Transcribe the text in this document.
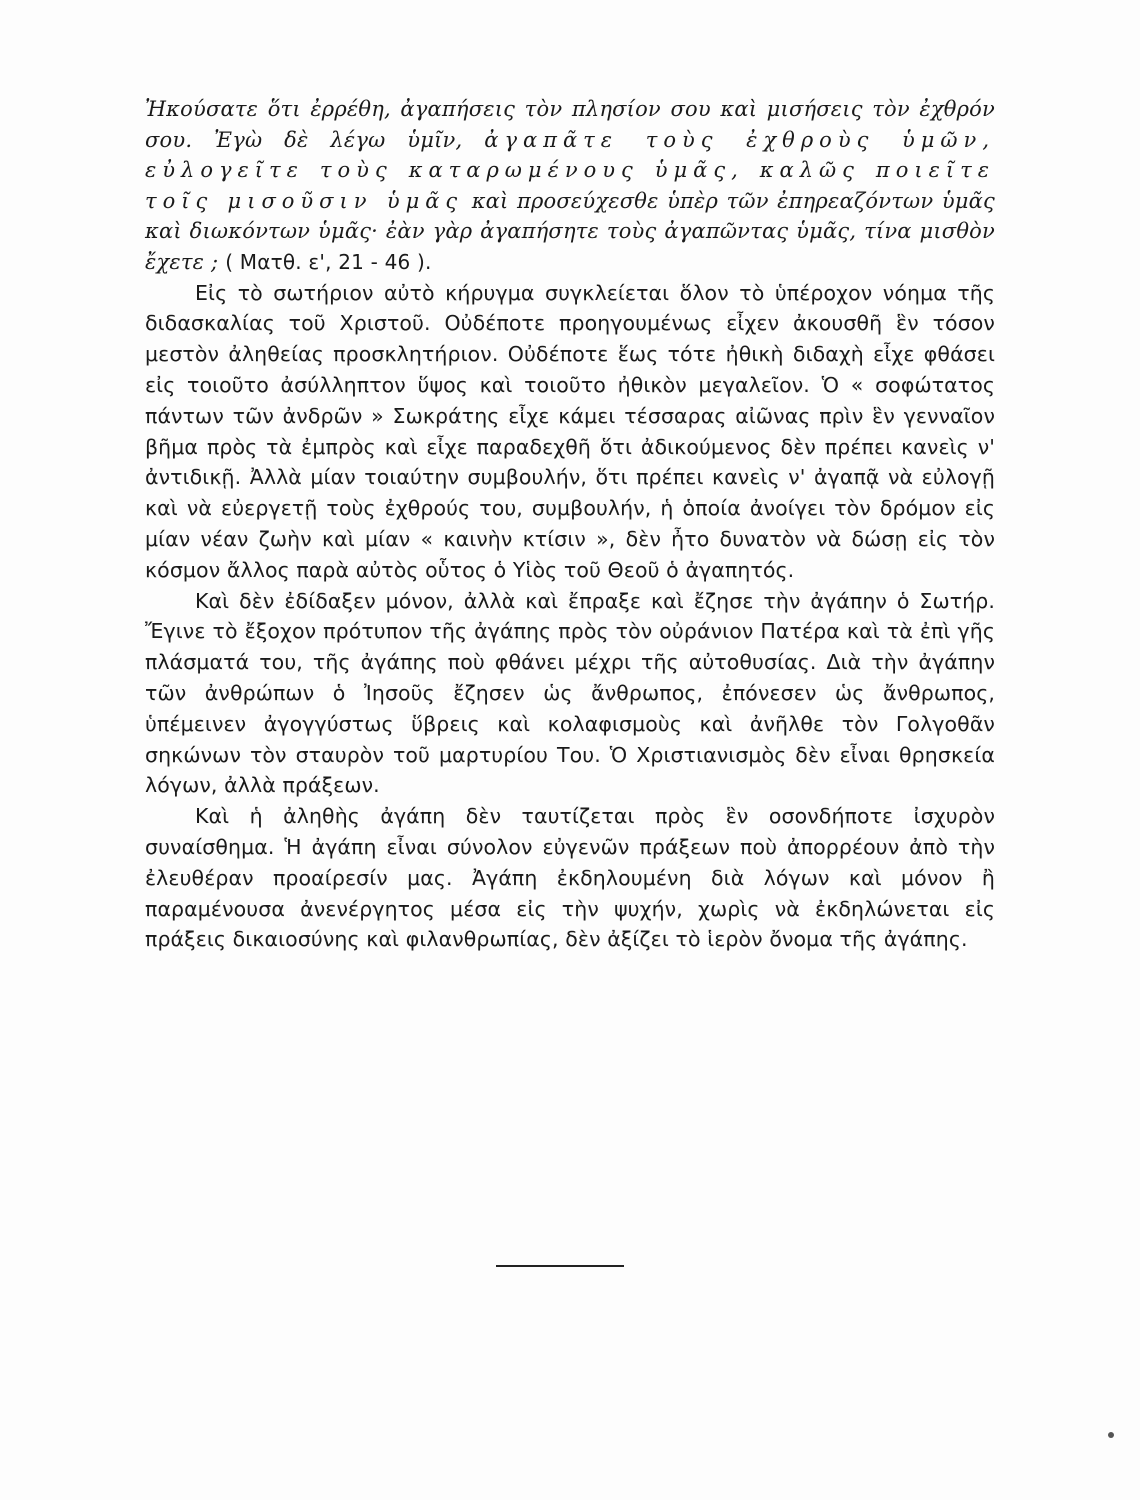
Ἠκούσατε ὅτι ἐρρέθη, ἀγαπήσεις τὸν πλησίον σου καὶ μισήσεις τὸν ἐχθρόν σου. Ἐγὼ δὲ λέγω ὑμῖν, ἀγαπᾶτε τοὺς ἐχθροὺς ὑμῶν, εὐλογεῖτε τοὺς καταρωμένους ὑμᾶς, καλῶς ποιεῖτε τοῖς μισοῦσιν ὑμᾶς καὶ προσεύχεσθε ὑπὲρ τῶν ἐπηρεαζόντων ὑμᾶς καὶ διωκόντων ὑμᾶς· ἐὰν γὰρ ἀγαπήσητε τοὺς ἀγαπῶντας ὑμᾶς, τίνα μισθὸν ἔχετε ; ( Ματθ. ε', 21 - 46 ).

Εἰς τὸ σωτήριον αὐτὸ κήρυγμα συγκλείεται ὅλον τὸ ὑπέροχον νόημα τῆς διδασκαλίας τοῦ Χριστοῦ. Οὐδέποτε προηγουμένως εἶχεν ἀκουσθῆ ἓν τόσον μεστὸν ἀληθείας προσκλητήριον. Οὐδέποτε ἕως τότε ἠθικὴ διδαχὴ εἶχε φθάσει εἰς τοιοῦτο ἀσύλληπτον ὕψος καὶ τοιοῦτο ἠθικὸν μεγαλεῖον. Ὁ « σοφώτατος πάντων τῶν ἀνδρῶν » Σωκράτης εἶχε κάμει τέσσαρας αἰῶνας πρὶν ἓν γενναῖον βῆμα πρὸς τὰ ἐμπρὸς καὶ εἶχε παραδεχθῆ ὅτι ἀδικούμενος δὲν πρέπει κανεὶς ν' ἀντιδικῇ. Ἀλλὰ μίαν τοιαύτην συμβουλήν, ὅτι πρέπει κανεὶς ν' ἀγαπᾷ νὰ εὐλογῇ καὶ νὰ εὐεργετῇ τοὺς ἐχθρούς του, συμβουλήν, ἡ ὁποία ἀνοίγει τὸν δρόμον εἰς μίαν νέαν ζωὴν καὶ μίαν « καινὴν κτίσιν », δὲν ἦτο δυνατὸν νὰ δώσῃ εἰς τὸν κόσμον ἄλλος παρὰ αὐτὸς οὗτος ὁ Υἱὸς τοῦ Θεοῦ ὁ ἀγαπητός.

Καὶ δὲν ἐδίδαξεν μόνον, ἀλλὰ καὶ ἔπραξε καὶ ἔζησε τὴν ἀγάπην ὁ Σωτήρ. Ἔγινε τὸ ἔξοχον πρότυπον τῆς ἀγάπης πρὸς τὸν οὐράνιον Πατέρα καὶ τὰ ἐπὶ γῆς πλάσματά του, τῆς ἀγάπης ποὺ φθάνει μέχρι τῆς αὐτοθυσίας. Διὰ τὴν ἀγάπην τῶν ἀνθρώπων ὁ Ἰησοῦς ἔζησεν ὡς ἄνθρωπος, ἐπόνεσεν ὡς ἄνθρωπος, ὑπέμεινεν ἀγογγύστως ὕβρεις καὶ κολαφισμοὺς καὶ ἀνῆλθε τὸν Γολγοθᾶν σηκώνων τὸν σταυρὸν τοῦ μαρτυρίου Του. Ὁ Χριστιανισμὸς δὲν εἶναι θρησκεία λόγων, ἀλλὰ πράξεων.

Καὶ ἡ ἀληθὴς ἀγάπη δὲν ταυτίζεται πρὸς ἓν οσονδήποτε ἰσχυρὸν συναίσθημα. Ἡ ἀγάπη εἶναι σύνολον εὐγενῶν πράξεων ποὺ ἀπορρέουν ἀπὸ τὴν ἐλευθέραν προαίρεσίν μας. Ἀγάπη ἐκδηλουμένη διὰ λόγων καὶ μόνον ἢ παραμένουσα ἀνενέργητος μέσα εἰς τὴν ψυχήν, χωρὶς νὰ ἐκδηλώνεται εἰς πράξεις δικαιοσύνης καὶ φιλανθρωπίας, δὲν ἀξίζει τὸ ἱερὸν ὄνομα τῆς ἀγάπης.
